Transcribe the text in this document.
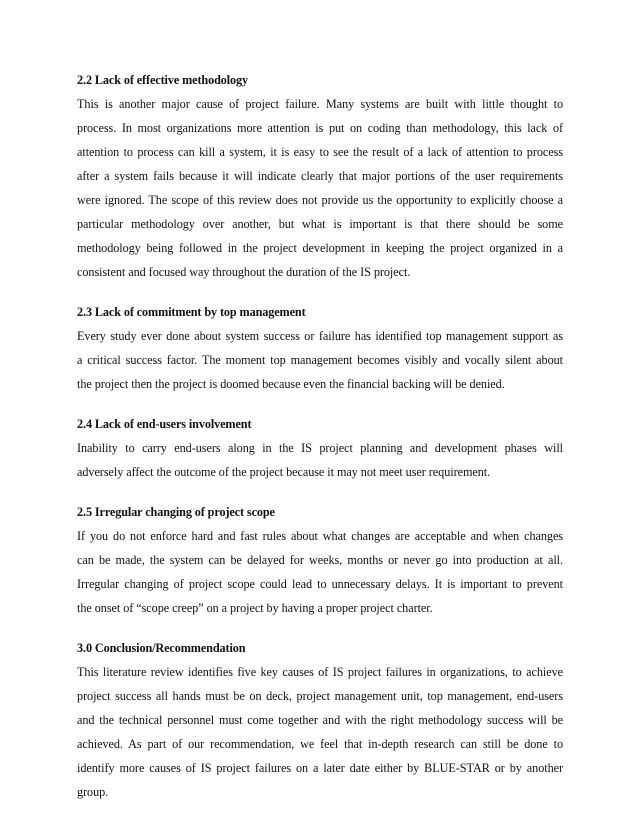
2.2 Lack of effective methodology
This is another major cause of project failure. Many systems are built with little thought to
process. In most organizations more attention is put on coding than methodology, this lack of
attention to process can kill a system, it is easy to see the result of a lack of attention to process
after a system fails because it will indicate clearly that major portions of the user requirements
were ignored. The scope of this review does not provide us the opportunity to explicitly choose a
particular methodology over another, but what is important is that there should be some
methodology being followed in the project development in keeping the project organized in a
consistent and focused way throughout the duration of the IS project.
2.3 Lack of commitment by top management
Every study ever done about system success or failure has identified top management support as
a critical success factor. The moment top management becomes visibly and vocally silent about
the project then the project is doomed because even the financial backing will be denied.
2.4 Lack of end-users involvement
Inability to carry end-users along in the IS project planning and development phases will
adversely affect the outcome of the project because it may not meet user requirement.
2.5 Irregular changing of project scope
If you do not enforce hard and fast rules about what changes are acceptable and when changes
can be made, the system can be delayed for weeks, months or never go into production at all.
Irregular changing of project scope could lead to unnecessary delays. It is important to prevent
the onset of “scope creep” on a project by having a proper project charter.
3.0 Conclusion/Recommendation
This literature review identifies five key causes of IS project failures in organizations, to achieve
project success all hands must be on deck, project management unit, top management, end-users
and the technical personnel must come together and with the right methodology success will be
achieved. As part of our recommendation, we feel that in-depth research can still be done to
identify more causes of IS project failures on a later date either by BLUE-STAR or by another
group.
